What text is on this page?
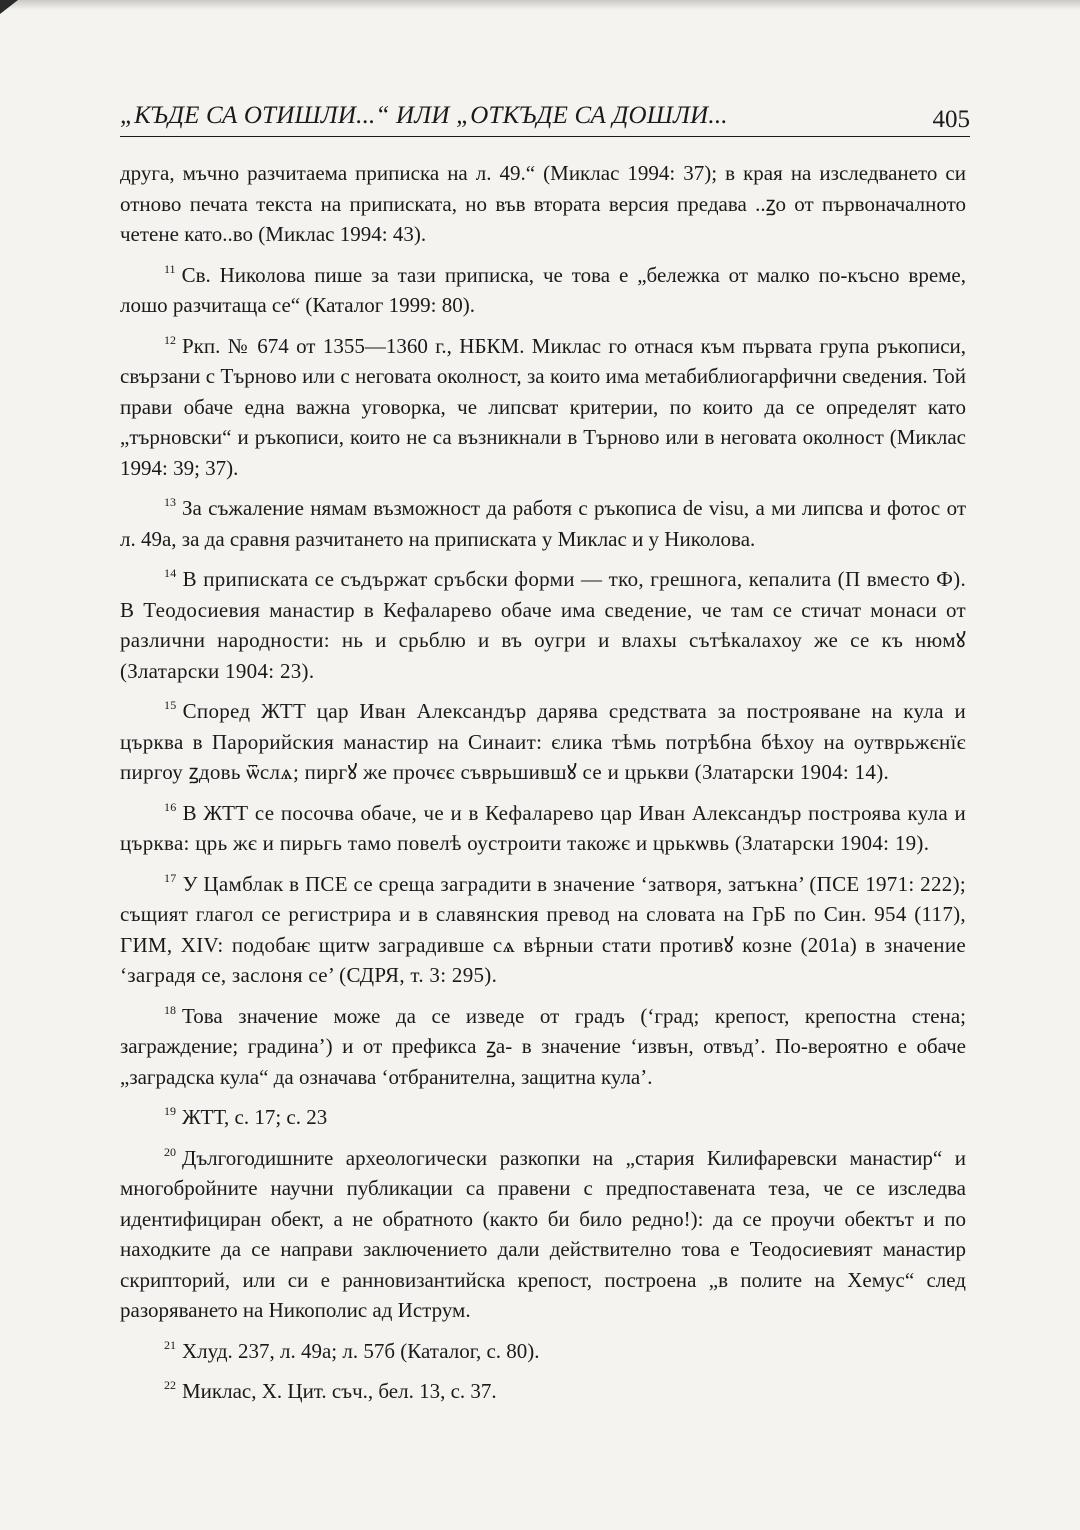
„КЪДЕ СА ОТИШЛИ...“ ИЛИ „ОТКЪДЕ СА ДОШЛИ...	405

друга, мъчно разчитаема приписка на л. 49.“ (Миклас 1994: 37); в края на изследването си отново печата текста на приписката, но във втората версия предава ..ꙁо от първоначалното четене като..во (Миклас 1994: 43).

$^{11}$ Св. Николова пише за тази приписка, че това е „бележка от малко по-късно време, лошо разчитаща се“ (Каталог 1999: 80).

$^{12}$ Ркп. № 674 от 1355—1360 г., НБКМ. Миклас го отнася към първата група ръкописи, свързани с Търново или с неговата околност, за които има метабиблиогарфични сведения. Той прави обаче една важна уговорка, че липсват критерии, по които да се определят като „търновски“ и ръкописи, които не са възникнали в Търново или в неговата околност (Миклас 1994: 39; 37).

$^{13}$ За съжаление нямам възможност да работя с ръкописа de visu, а ми липсва и фотос от л. 49а, за да сравня разчитането на приписката у Миклас и у Николова.

$^{14}$ В приписката се съдържат сръбски форми — тко, грешнога, кепалита (П вместо Ф). В Теодосиевия манастир в Кефаларево обаче има сведение, че там се стичат монаси от различни народности: нь и срьблю и въ оугри и влахы сътѣкалахоу же се къ нюмꙋ (Златарски 1904: 23).

$^{15}$ Според ЖТТ цар Иван Александър дарява средствата за построяване на кула и църква в Парорийския манастир на Синаит: єлика тѣмь потрѣбна бѣхоу на оутврьжєнїє пиргоу ꙁдовь ѿслѧ; пиргꙋ же прочєє съврьшившꙋ се и црькви (Златарски 1904: 14).

$^{16}$ В ЖТТ се посочва обаче, че и в Кефаларево цар Иван Александър построява кула и църква: црь жє и пирьгь тамо повелѣ оустроити такожє и црькѡвь (Златарски 1904: 19).

$^{17}$ У Цамблак в ПСЕ се среща заградити в значение ‘затворя, затъкна’ (ПСЕ 1971: 222); същият глагол се регистрира и в славянския превод на словата на ГрБ по Син. 954 (117), ГИМ, XIV: подобаѥ щитѡ заградивше сѧ вѣрныи стати противꙋ козне (201а) в значение ‘заградя се, заслоня се’ (СДРЯ, т. 3: 295).

$^{18}$ Това значение може да се изведе от градъ (‘град; крепост, крепостна стена; заграждение; градина’) и от префикса ꙁа- в значение ‘извън, отвъд’. По-вероятно е обаче „заградска кула“ да означава ‘отбранителна, защитна кула’.

$^{19}$ ЖТТ, с. 17; с. 23

$^{20}$ Дългогодишните археологически разкопки на „стария Килифаревски манастир“ и многобройните научни публикации са правени с предпоставената теза, че се изследва идентифициран обект, а не обратното (както би било редно!): да се проучи обектът и по находките да се направи заключението дали действително това е Теодосиевият манастир скрипторий, или си е ранновизантийска крепост, построена „в полите на Хемус“ след разоряването на Никополис ад Иструм.

$^{21}$ Хлуд. 237, л. 49а; л. 57б (Каталог, с. 80).

$^{22}$ Миклас, Х. Цит. съч., бел. 13, с. 37.
